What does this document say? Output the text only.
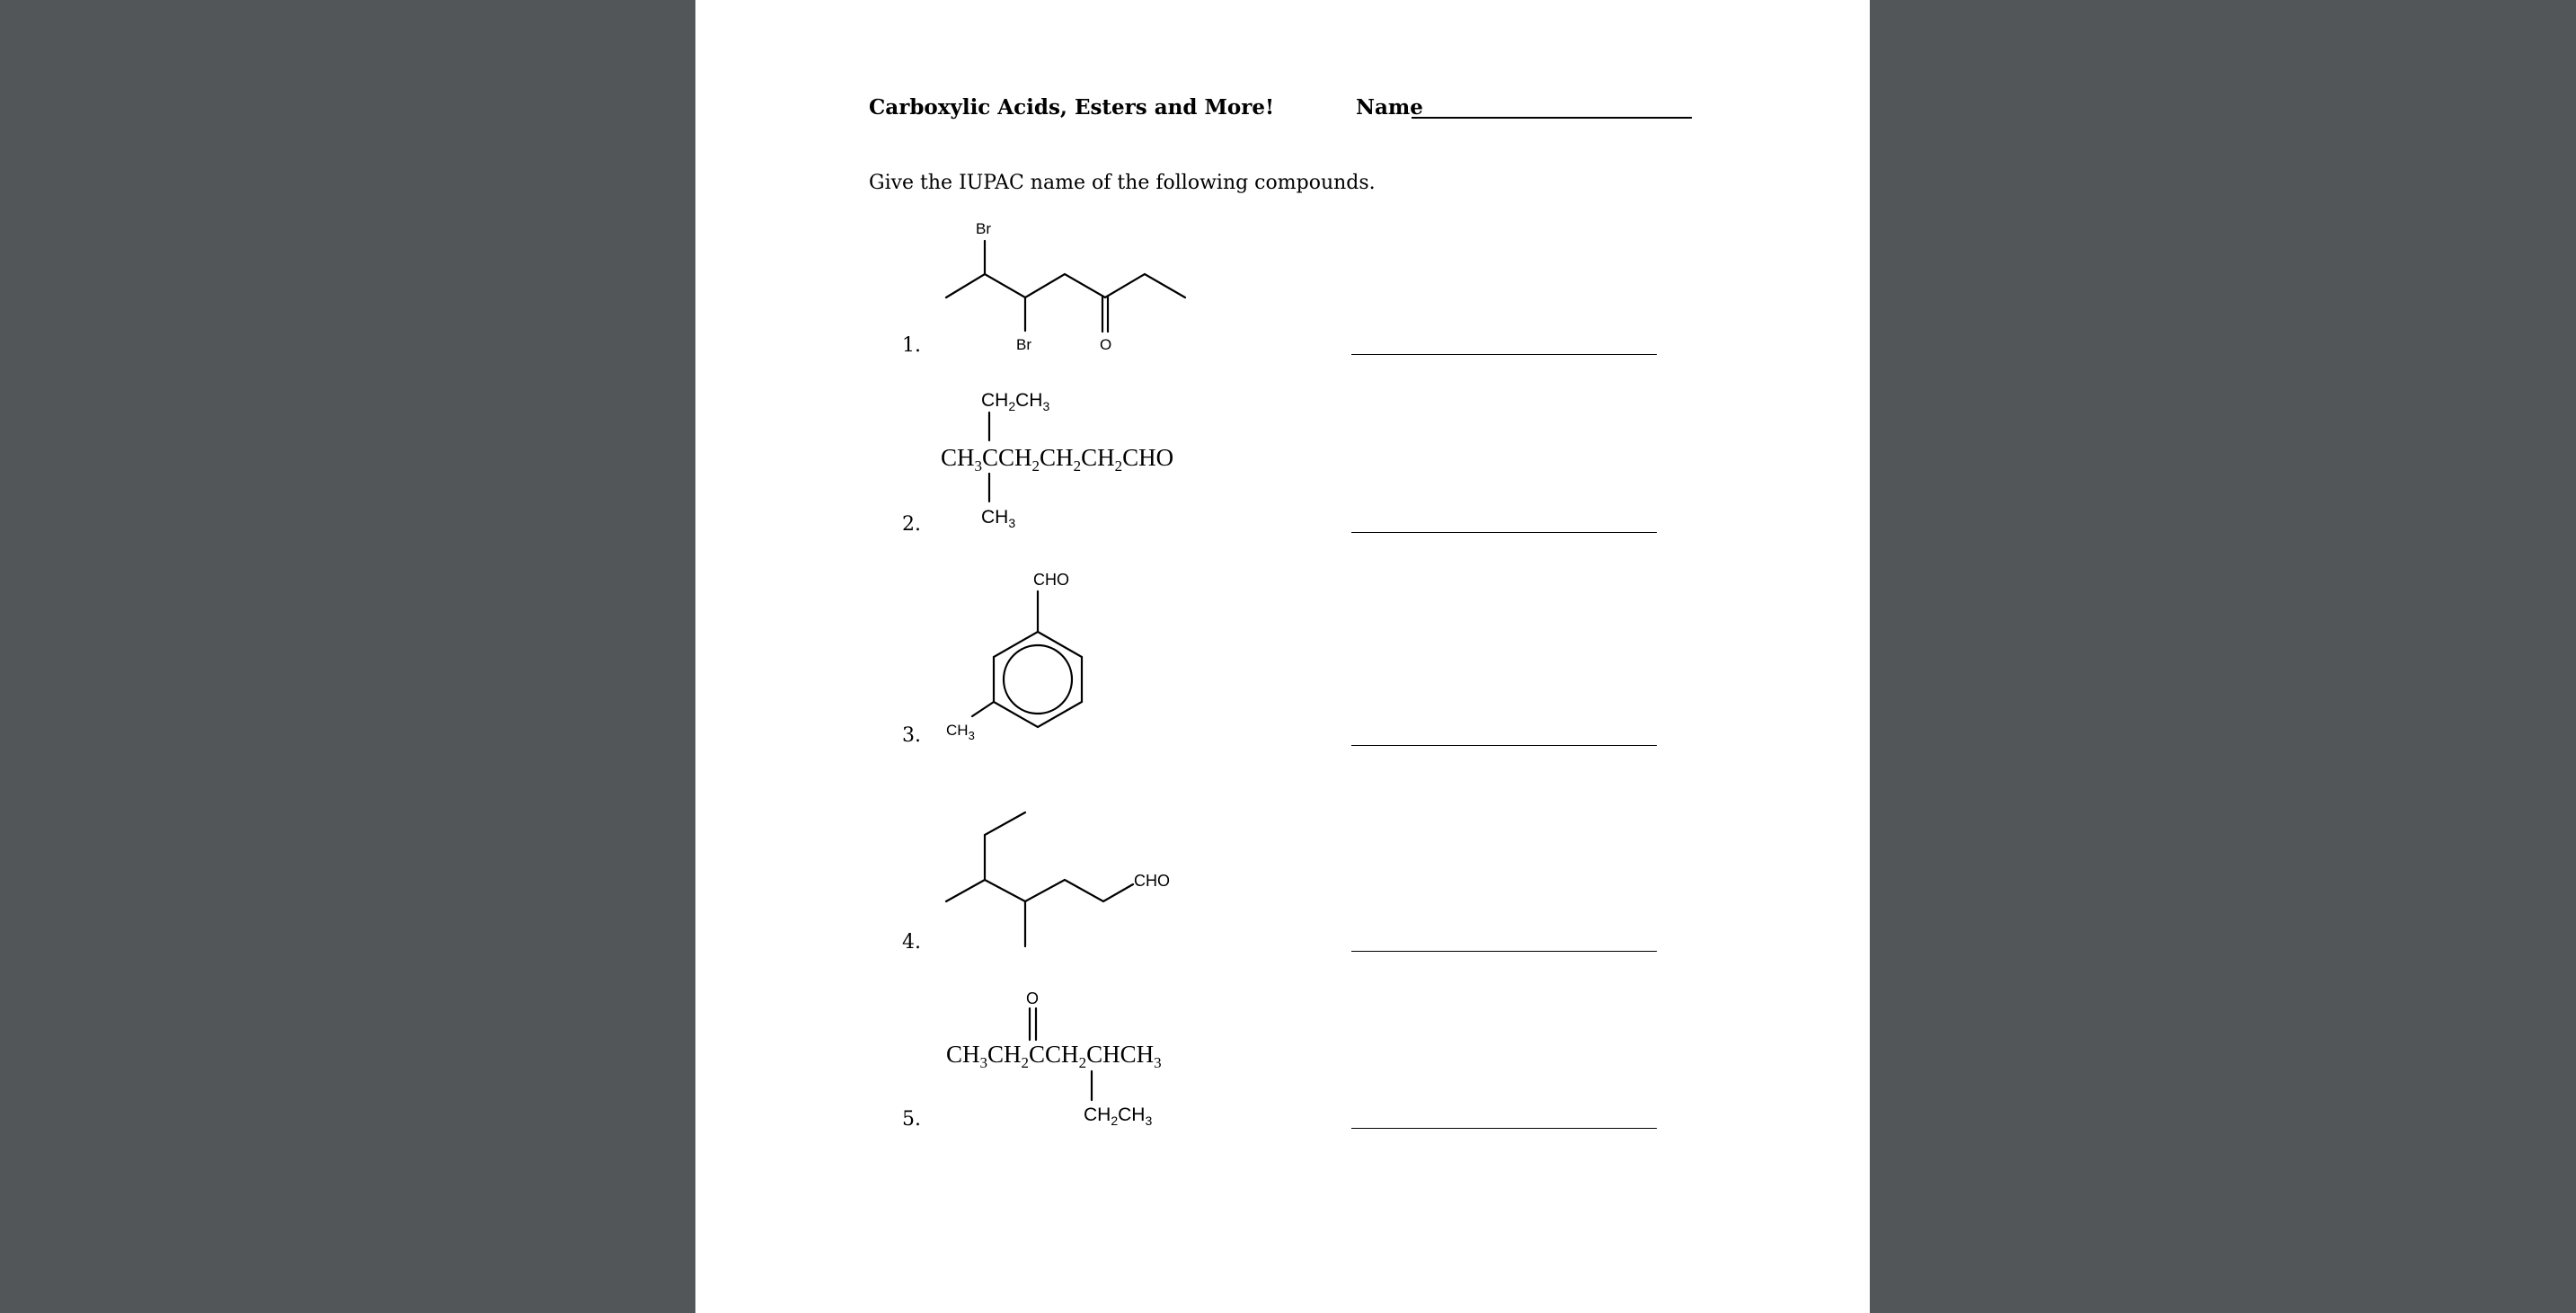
Carboxylic Acids, Esters and More!	Name
Give the IUPAC name of the following compounds.
1.
2.
3.
4.
5.
Br
Br	O
$CH_2CH_3$
$CH_3CCH_2CH_2CH_2CHO$
$CH_3$
CHO
$CH_3$
CHO
O
$CH_3CH_2CCH_2CHCH_3$
$CH_2CH_3$
